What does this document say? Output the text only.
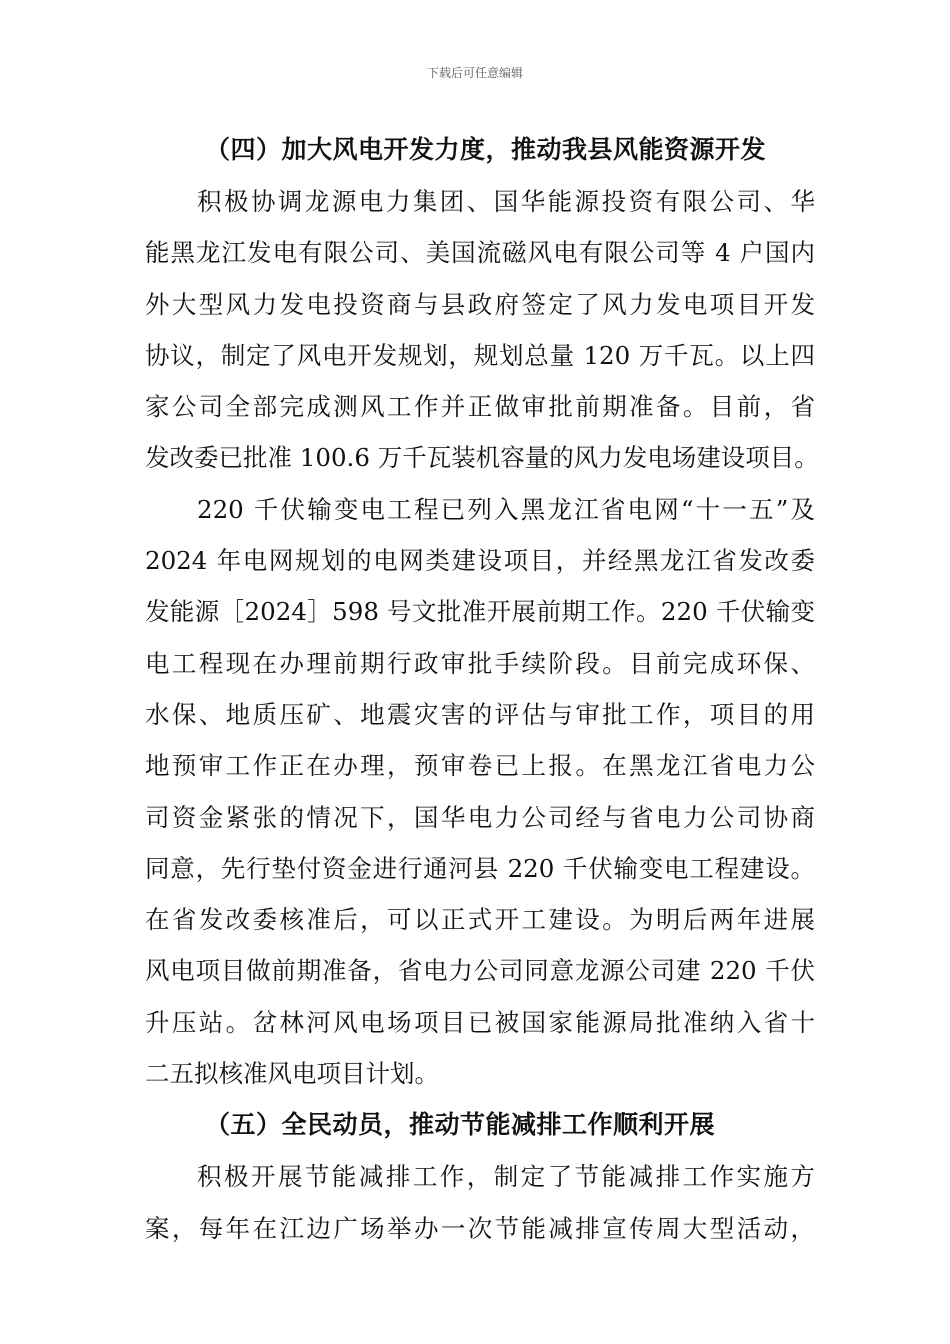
下载后可任意编辑
（四）加大风电开发力度，推动我县风能资源开发
积极协调龙源电力集团、国华能源投资有限公司、华
能黑龙江发电有限公司、美国流磁风电有限公司等 4 户国内
外大型风力发电投资商与县政府签定了风力发电项目开发
协议，制定了风电开发规划，规划总量 120 万千瓦。以上四
家公司全部完成测风工作并正做审批前期准备。目前，省
发改委已批准 100.6 万千瓦装机容量的风力发电场建设项目。
220 千伏输变电工程已列入黑龙江省电网“十一五”及
2024 年电网规划的电网类建设项目，并经黑龙江省发改委
发能源［2024］598 号文批准开展前期工作。220 千伏输变
电工程现在办理前期行政审批手续阶段。目前完成环保、
水保、地质压矿、地震灾害的评估与审批工作，项目的用
地预审工作正在办理，预审卷已上报。在黑龙江省电力公
司资金紧张的情况下，国华电力公司经与省电力公司协商
同意，先行垫付资金进行通河县 220 千伏输变电工程建设。
在省发改委核准后，可以正式开工建设。为明后两年进展
风电项目做前期准备，省电力公司同意龙源公司建 220 千伏
升压站。岔林河风电场项目已被国家能源局批准纳入省十
二五拟核准风电项目计划。
（五）全民动员，推动节能减排工作顺利开展
积极开展节能减排工作，制定了节能减排工作实施方
案，每年在江边广场举办一次节能减排宣传周大型活动，
